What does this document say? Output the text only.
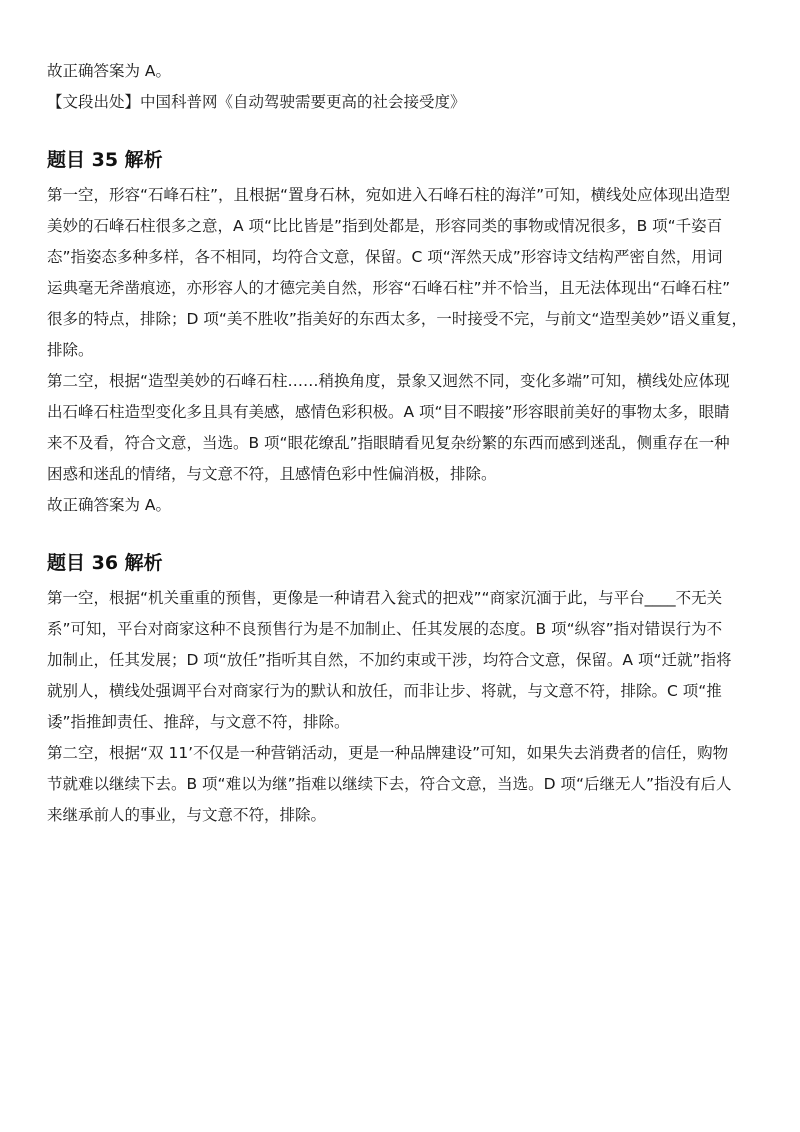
故正确答案为 A。

【文段出处】中国科普网《自动驾驶需要更高的社会接受度》

题目 35 解析

第一空，形容“石峰石柱”，且根据“置身石林，宛如进入石峰石柱的海洋”可知，横线处应体现出造型

美妙的石峰石柱很多之意，A 项“比比皆是”指到处都是，形容同类的事物或情况很多，B 项“千姿百

态”指姿态多种多样，各不相同，均符合文意，保留。C 项“浑然天成”形容诗文结构严密自然，用词

运典毫无斧凿痕迹，亦形容人的才德完美自然，形容“石峰石柱”并不恰当，且无法体现出“石峰石柱”

很多的特点，排除；D 项“美不胜收”指美好的东西太多，一时接受不完，与前文“造型美妙”语义重复，

排除。

第二空，根据“造型美妙的石峰石柱……稍换角度，景象又迥然不同，变化多端”可知，横线处应体现

出石峰石柱造型变化多且具有美感，感情色彩积极。A 项“目不暇接”形容眼前美好的事物太多，眼睛

来不及看，符合文意，当选。B 项“眼花缭乱”指眼睛看见复杂纷繁的东西而感到迷乱，侧重存在一种

困惑和迷乱的情绪，与文意不符，且感情色彩中性偏消极，排除。

故正确答案为 A。

题目 36 解析

第一空，根据“机关重重的预售，更像是一种请君入瓮式的把戏”“商家沉湎于此，与平台____不无关

系”可知，平台对商家这种不良预售行为是不加制止、任其发展的态度。B 项“纵容”指对错误行为不

加制止，任其发展；D 项“放任”指听其自然，不加约束或干涉，均符合文意，保留。A 项“迁就”指将

就别人，横线处强调平台对商家行为的默认和放任，而非让步、将就，与文意不符，排除。C 项“推

诿”指推卸责任、推辞，与文意不符，排除。

第二空，根据“双 11’不仅是一种营销活动，更是一种品牌建设”可知，如果失去消费者的信任，购物

节就难以继续下去。B 项“难以为继”指难以继续下去，符合文意，当选。D 项“后继无人”指没有后人

来继承前人的事业，与文意不符，排除。
